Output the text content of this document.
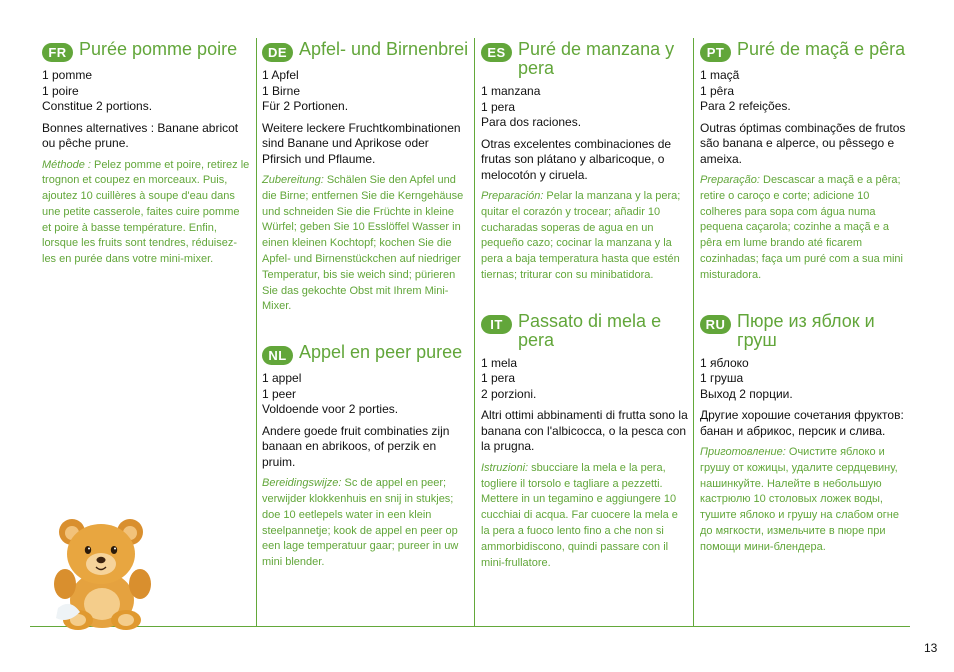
FR Purée pomme poire
1 pomme
1 poire
Constitue 2 portions.
Bonnes alternatives : Banane abricot ou pêche prune.
Méthode : Pelez pomme et poire, retirez le trognon et coupez en morceaux. Puis, ajoutez 10 cuillères à soupe d'eau dans une petite casserole, faites cuire pomme et poire à basse température. Enfin, lorsque les fruits sont tendres, réduisez-les en purée dans votre mini-mixer.
DE Apfel- und Birnenbrei
1 Apfel
1 Birne
Für 2 Portionen.
Weitere leckere Fruchtkombinationen sind Banane und Aprikose oder Pfirsich und Pflaume.
Zubereitung: Schälen Sie den Apfel und die Birne; entfernen Sie die Kerngehäuse und schneiden Sie die Früchte in kleine Würfel; geben Sie 10 Esslöffel Wasser in einen kleinen Kochtopf; kochen Sie die Apfel- und Birnenstückchen auf niedriger Temperatur, bis sie weich sind; pürieren Sie das gekochte Obst mit Ihrem Mini-Mixer.
NL Appel en peer puree
1 appel
1 peer
Voldoende voor 2 porties.
Andere goede fruit combinaties zijn banaan en abrikoos, of perzik en pruim.
Bereidingswijze: Sc de appel en peer; verwijder klokkenhuis en snij in stukjes; doe 10 eetlepels water in een klein steelpannetje; kook de appel en peer op een lage temperatuur gaar; pureer in uw mini blender.
ES Puré de manzana y pera
1 manzana
1 pera
Para dos raciones.
Otras excelentes combinaciones de frutas son plátano y albaricoque, o melocotón y ciruela.
Preparación: Pelar la manzana y la pera; quitar el corazón y trocear; añadir 10 cucharadas soperas de agua en un pequeño cazo; cocinar la manzana y la pera a baja temperatura hasta que estén tiernas; triturar con su minibatidora.
IT Passato di mela e pera
1 mela
1 pera
2 porzioni.
Altri ottimi abbinamenti di frutta sono la banana con l'albicocca, o la pesca con la prugna.
Istruzioni: sbucciare la mela e la pera, togliere il torsolo e tagliare a pezzetti. Mettere in un tegamino e aggiungere 10 cucchiai di acqua. Far cuocere la mela e la pera a fuoco lento fino a che non si ammorbidiscono, quindi passare con il mini-frullatore.
PT Puré de maçã e pêra
1 maçã
1 pêra
Para 2 refeições.
Outras óptimas combinações de frutos são banana e alperce, ou pêssego e ameixa.
Preparação: Descascar a maçã e a pêra; retire o caroço e corte; adicione 10 colheres para sopa com água numa pequena caçarola; cozinhe a maçã e a pêra em lume brando até ficarem cozinhadas; faça um puré com a sua mini misturadora.
RU Пюре из яблок и груш
1 яблоко
1 груша
Выход 2 порции.
Другие хорошие сочетания фруктов: банан и абрикос, персик и слива.
Приготовление: Очистите яблоко и грушу от кожицы, удалите сердцевину, нашинкуйте. Налейте в небольшую кастрюлю 10 столовых ложек воды, тушите яблоко и грушу на слабом огне до мягкости, измельчите в пюре при помощи мини-блендера.
13
